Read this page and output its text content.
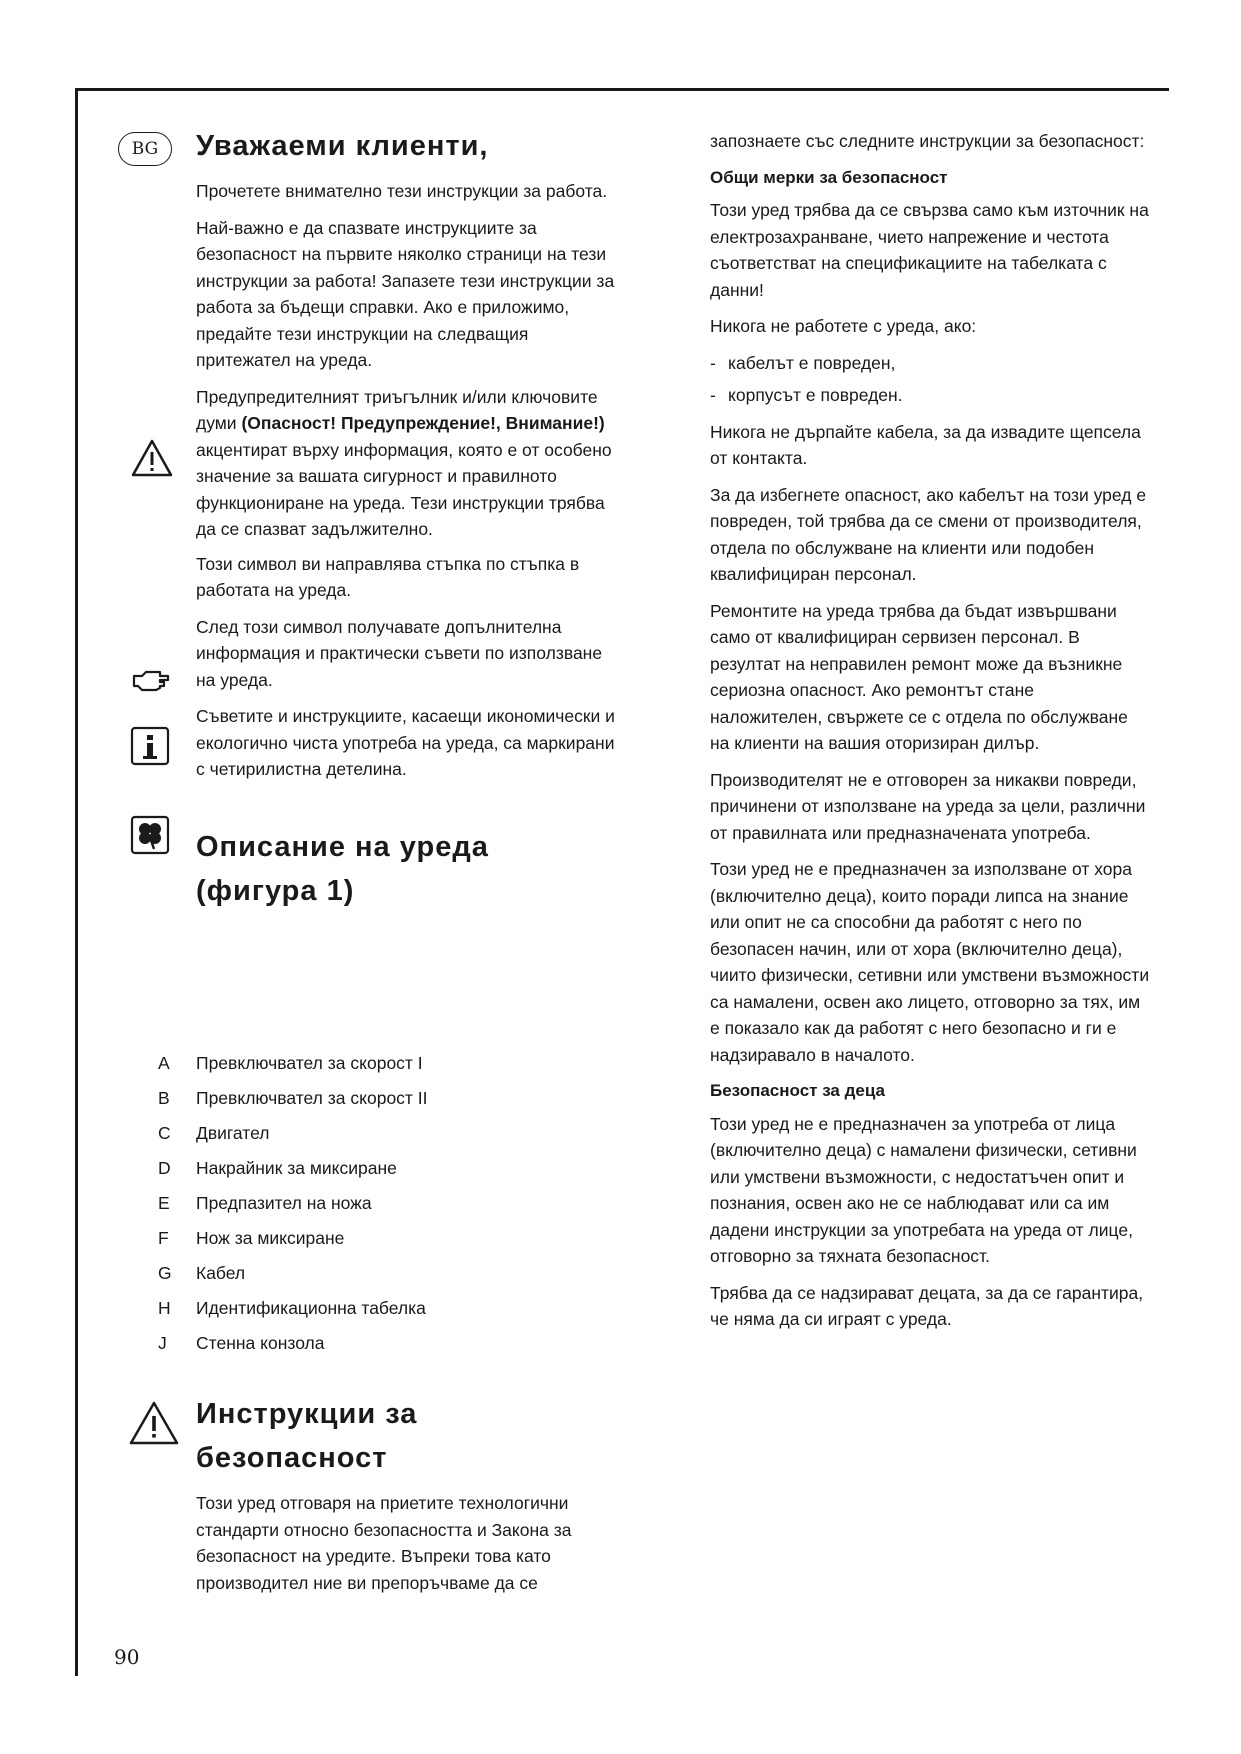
BG	Уважаеми клиенти,

Прочетете внимателно тези инструкции за работа.

Най-важно е да спазвате инструкциите за безопасност на първите няколко страници на тези инструкции за работа! Запазете тези инструкции за работа за бъдещи справки. Ако е приложимо, предайте тези инструкции на следващия притежател на уреда.

Предупредителният триъгълник и/или ключовите думи (Опасност! Предупреждение!, Внимание!) акцентират върху информация, която е от особено значение за вашата сигурност и правилното функциониране на уреда. Тези инструкции трябва да се спазват задължително.

Този символ ви направлява стъпка по стъпка в работата на уреда.

След този символ получавате допълнителна информация и практически съвети по използване на уреда.

Съветите и инструкциите, касаещи икономически и екологично чиста употреба на уреда, са маркирани с четирилистна детелина.

Описание на уреда (фигура 1)
A	Превключвател за скорост I
B	Превключвател за скорост II
C	Двигател
D	Накрайник за миксиране
E	Предпазител на ножа
F	Нож за миксиране
G	Кабел
H	Идентификационна табелка
J	Стенна конзола
Инструкции за безопасност

Този уред отговаря на приетите технологични стандарти относно безопасността и Закона за безопасност на уредите. Въпреки това като производител ние ви препоръчваме да се

запознаете със следните инструкции за безопасност:

Общи мерки за безопасност

Този уред трябва да се свързва само към източник на електрозахранване, чието напрежение и честота съответстват на спецификациите на табелката с данни!

Никога не работете с уреда, ако:

- кабелът е повреден,

- корпусът е повреден.

Никога не дърпайте кабела, за да извадите щепсела от контакта.

За да избегнете опасност, ако кабелът на този уред е повреден, той трябва да се смени от производителя, отдела по обслужване на клиенти или подобен квалифициран персонал.

Ремонтите на уреда трябва да бъдат извършвани само от квалифициран сервизен персонал. В резултат на неправилен ремонт може да възникне сериозна опасност. Ако ремонтът стане наложителен, свържете се с отдела по обслужване на клиенти на вашия оторизиран дилър.

Производителят не е отговорен за никакви повреди, причинени от използване на уреда за цели, различни от правилната или предназначената употреба.

Този уред не е предназначен за използване от хора (включително деца), които поради липса на знание или опит не са способни да работят с него по безопасен начин, или от хора (включително деца), чиито физически, сетивни или умствени възможности са намалени, освен ако лицето, отговорно за тях, им е показало как да работят с него безопасно и ги е надзиравало в началото.

Безопасност за деца

Този уред не е предназначен за употреба от лица (включително деца) с намалени физически, сетивни или умствени възможности, с недостатъчен опит и познания, освен ако не се наблюдават или са им дадени инструкции за употребата на уреда от лице, отговорно за тяхната безопасност.

Трябва да се надзирават децата, за да се гарантира, че няма да си играят с уреда.

90
